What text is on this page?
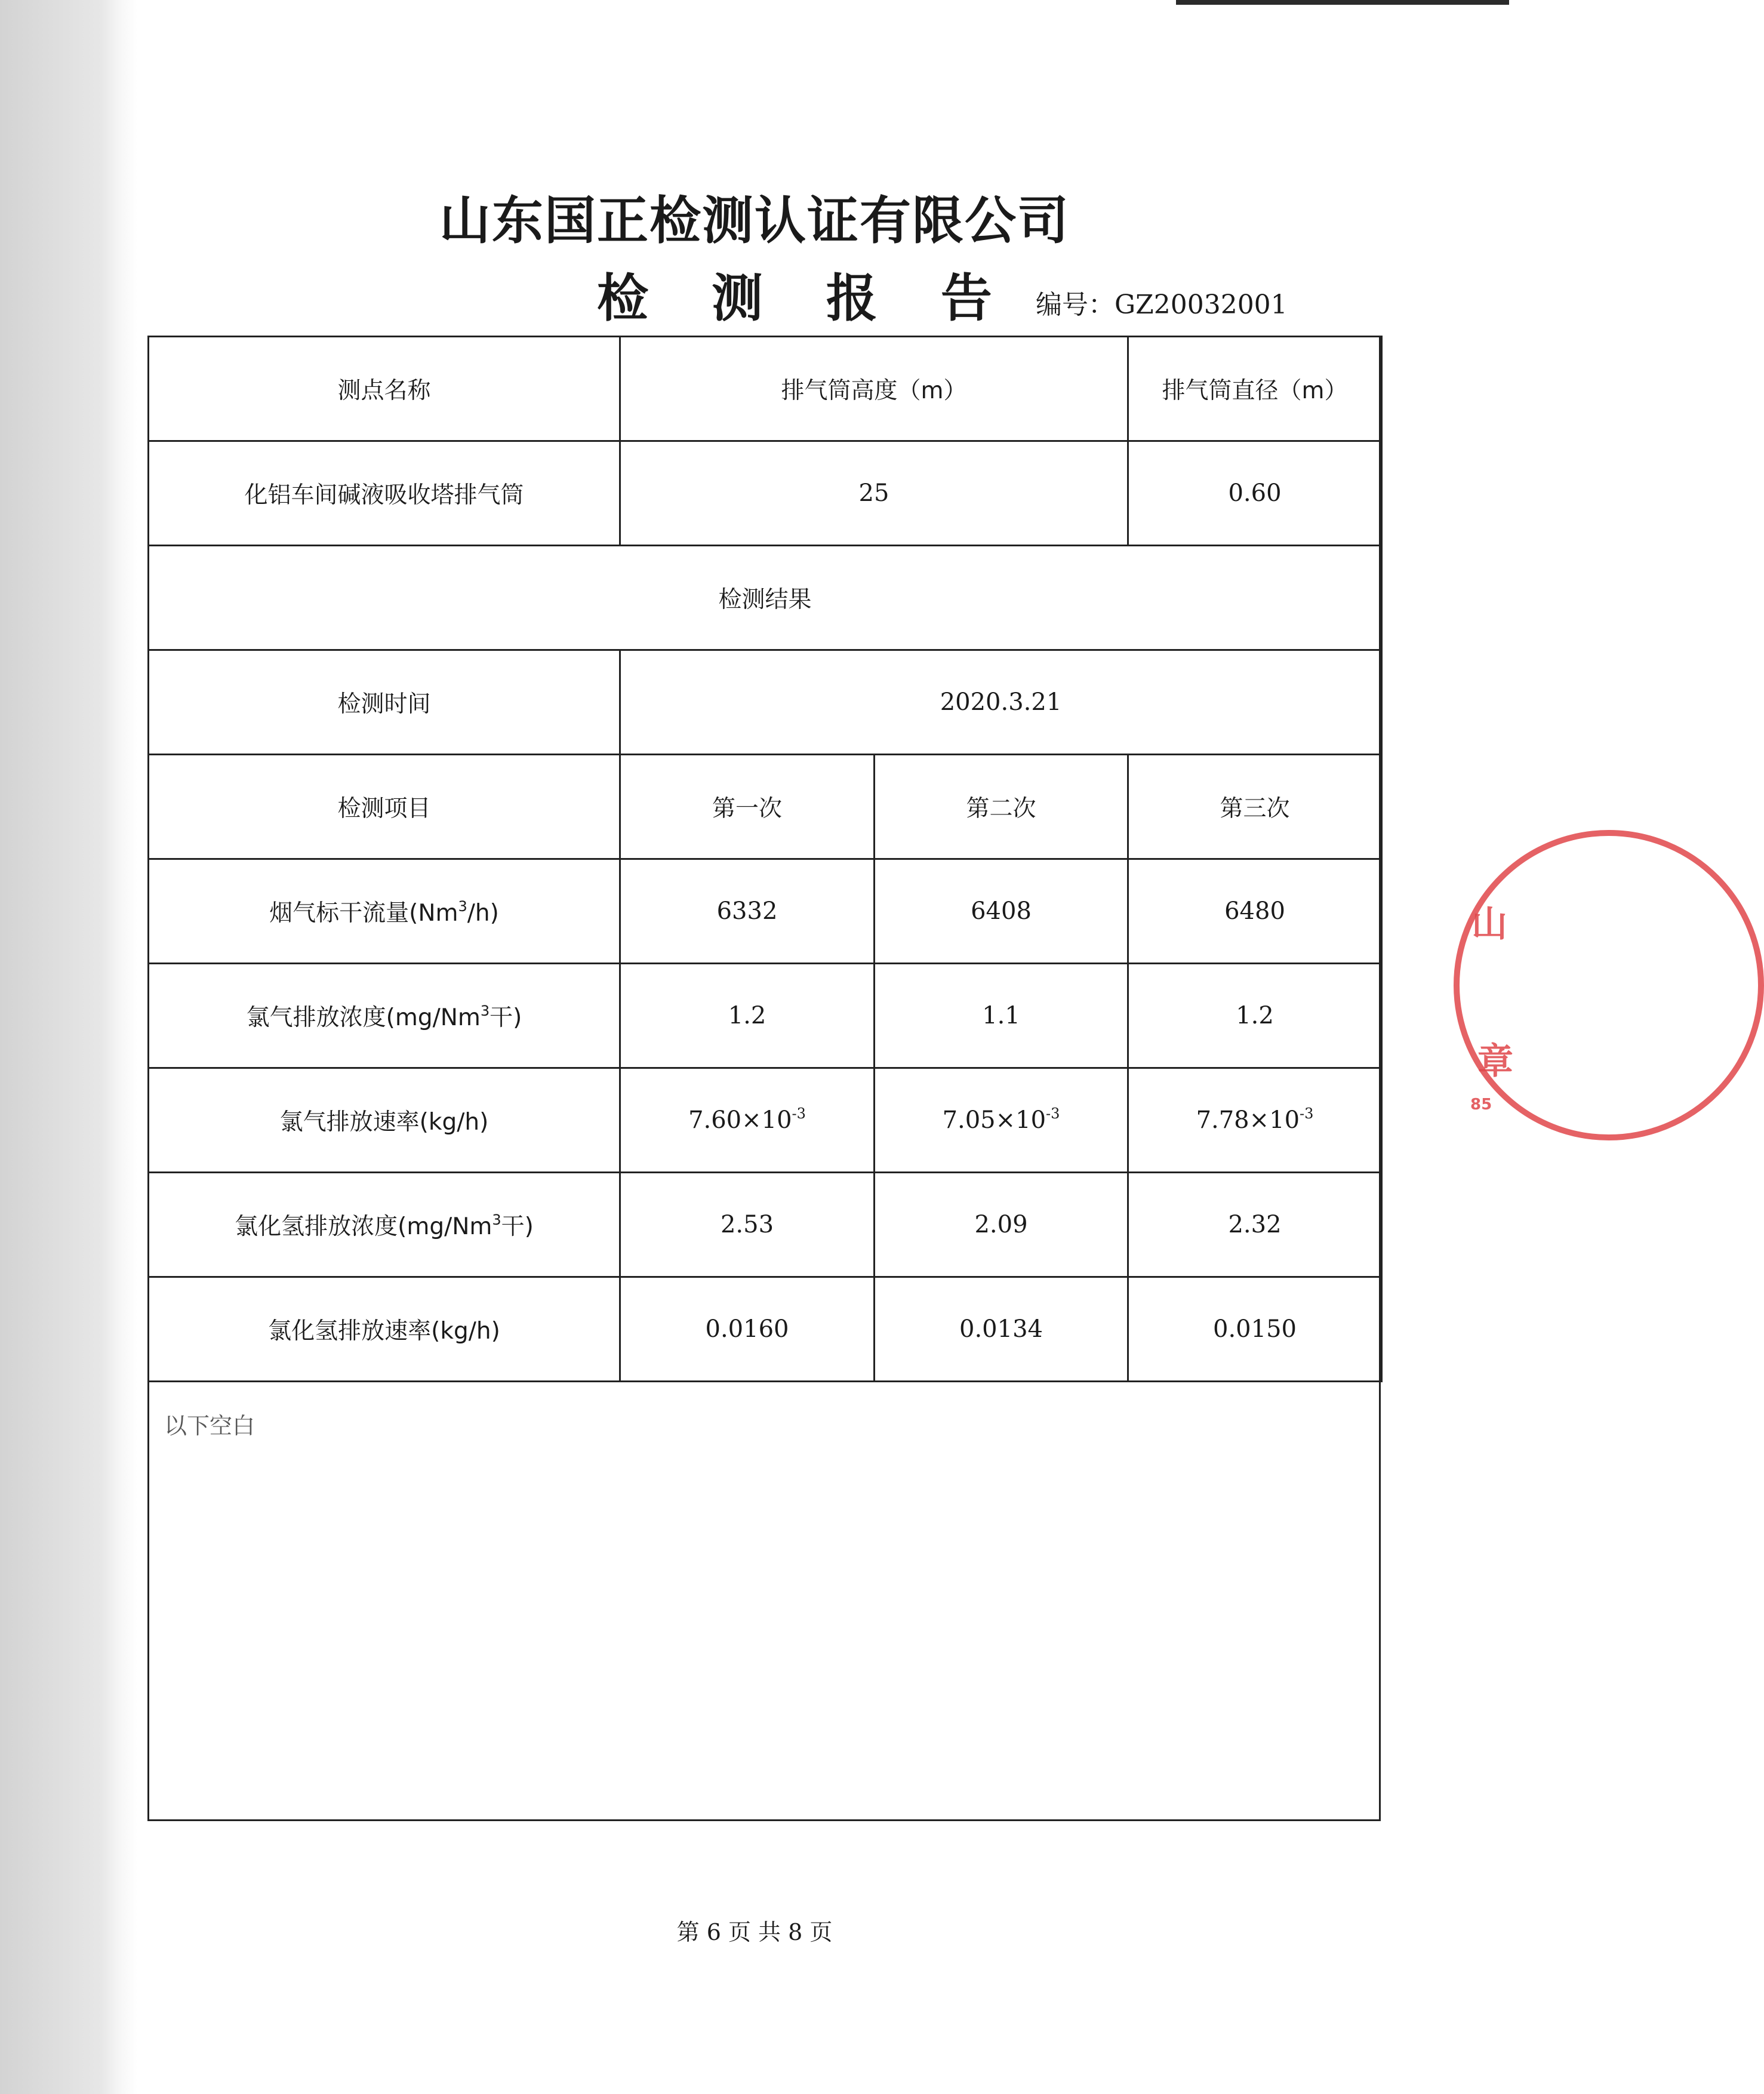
山东国正检测认证有限公司
检 测 报 告 编号：GZ20032001
测点名称	排气筒高度（m）		排气筒直径（m）
化铝车间碱液吸收塔排气筒	25		0.60
检测结果			
检测时间	2020.3.21		
检测项目	第一次	第二次	第三次
烟气标干流量(Nm$^3$/h)	6332	6408	6480
氯气排放浓度(mg/Nm$^3$干)	1.2	1.1	1.2
氯气排放速率(kg/h)	$7.60\times 10^{-3}$	$7.05\times 10^{-3}$	$7.78\times 10^{-3}$
氯化氢排放浓度(mg/Nm$^3$干)	2.53	2.09	2.32
氯化氢排放速率(kg/h)	0.0160	0.0134	0.0150
以下空白
第 6 页 共 8 页
山
章
85
